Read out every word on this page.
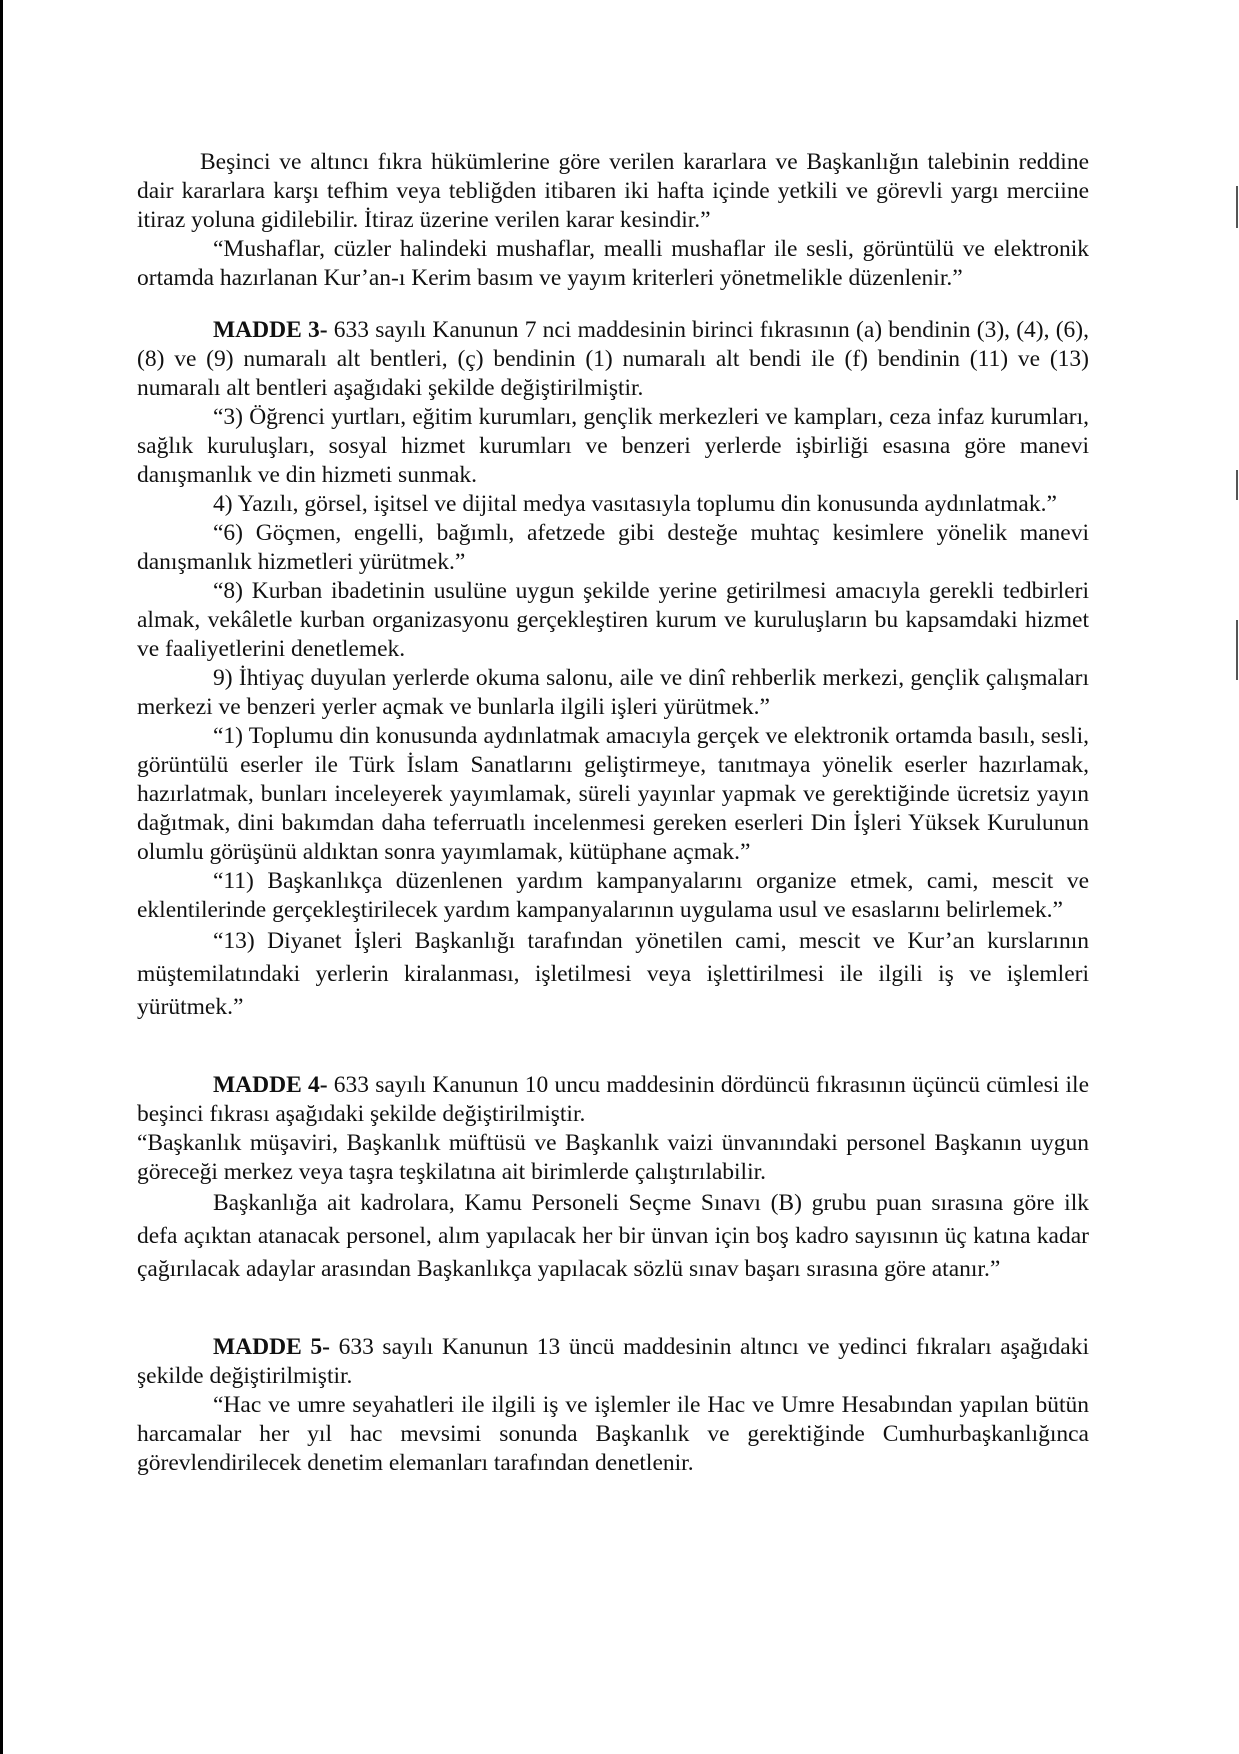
Beşinci ve altıncı fıkra hükümlerine göre verilen kararlara ve Başkanlığın talebinin reddine dair kararlara karşı tefhim veya tebliğden itibaren iki hafta içinde yetkili ve görevli yargı merciine itiraz yoluna gidilebilir. İtiraz üzerine verilen karar kesindir.”

“Mushaflar, cüzler halindeki mushaflar, mealli mushaflar ile sesli, görüntülü ve elektronik ortamda hazırlanan Kur’an-ı Kerim basım ve yayım kriterleri yönetmelikle düzenlenir.”

MADDE 3- 633 sayılı Kanunun 7 nci maddesinin birinci fıkrasının (a) bendinin (3), (4), (6), (8) ve (9) numaralı alt bentleri, (ç) bendinin (1) numaralı alt bendi ile (f) bendinin (11) ve (13) numaralı alt bentleri aşağıdaki şekilde değiştirilmiştir.

“3) Öğrenci yurtları, eğitim kurumları, gençlik merkezleri ve kampları, ceza infaz kurumları, sağlık kuruluşları, sosyal hizmet kurumları ve benzeri yerlerde işbirliği esasına göre manevi danışmanlık ve din hizmeti sunmak.

4) Yazılı, görsel, işitsel ve dijital medya vasıtasıyla toplumu din konusunda aydınlatmak.”

“6) Göçmen, engelli, bağımlı, afetzede gibi desteğe muhtaç kesimlere yönelik manevi danışmanlık hizmetleri yürütmek.”

“8) Kurban ibadetinin usulüne uygun şekilde yerine getirilmesi amacıyla gerekli tedbirleri almak, vekâletle kurban organizasyonu gerçekleştiren kurum ve kuruluşların bu kapsamdaki hizmet ve faaliyetlerini denetlemek.

9) İhtiyaç duyulan yerlerde okuma salonu, aile ve dinî rehberlik merkezi, gençlik çalışmaları merkezi ve benzeri yerler açmak ve bunlarla ilgili işleri yürütmek.”

“1) Toplumu din konusunda aydınlatmak amacıyla gerçek ve elektronik ortamda basılı, sesli, görüntülü eserler ile Türk İslam Sanatlarını geliştirmeye, tanıtmaya yönelik eserler hazırlamak, hazırlatmak, bunları inceleyerek yayımlamak, süreli yayınlar yapmak ve gerektiğinde ücretsiz yayın dağıtmak, dini bakımdan daha teferruatlı incelenmesi gereken eserleri Din İşleri Yüksek Kurulunun olumlu görüşünü aldıktan sonra yayımlamak, kütüphane açmak.”

“11) Başkanlıkça düzenlenen yardım kampanyalarını organize etmek, cami, mescit ve eklentilerinde gerçekleştirilecek yardım kampanyalarının uygulama usul ve esaslarını belirlemek.”

“13) Diyanet İşleri Başkanlığı tarafından yönetilen cami, mescit ve Kur’an kurslarının müştemilatındaki yerlerin kiralanması, işletilmesi veya işlettirilmesi ile ilgili iş ve işlemleri yürütmek.”

MADDE 4- 633 sayılı Kanunun 10 uncu maddesinin dördüncü fıkrasının üçüncü cümlesi ile beşinci fıkrası aşağıdaki şekilde değiştirilmiştir.

“Başkanlık müşaviri, Başkanlık müftüsü ve Başkanlık vaizi ünvanındaki personel Başkanın uygun göreceği merkez veya taşra teşkilatına ait birimlerde çalıştırılabilir.

Başkanlığa ait kadrolara, Kamu Personeli Seçme Sınavı (B) grubu puan sırasına göre ilk defa açıktan atanacak personel, alım yapılacak her bir ünvan için boş kadro sayısının üç katına kadar çağırılacak adaylar arasından Başkanlıkça yapılacak sözlü sınav başarı sırasına göre atanır.”

MADDE 5- 633 sayılı Kanunun 13 üncü maddesinin altıncı ve yedinci fıkraları aşağıdaki şekilde değiştirilmiştir.

“Hac ve umre seyahatleri ile ilgili iş ve işlemler ile Hac ve Umre Hesabından yapılan bütün harcamalar her yıl hac mevsimi sonunda Başkanlık ve gerektiğinde Cumhurbaşkanlığınca görevlendirilecek denetim elemanları tarafından denetlenir.
